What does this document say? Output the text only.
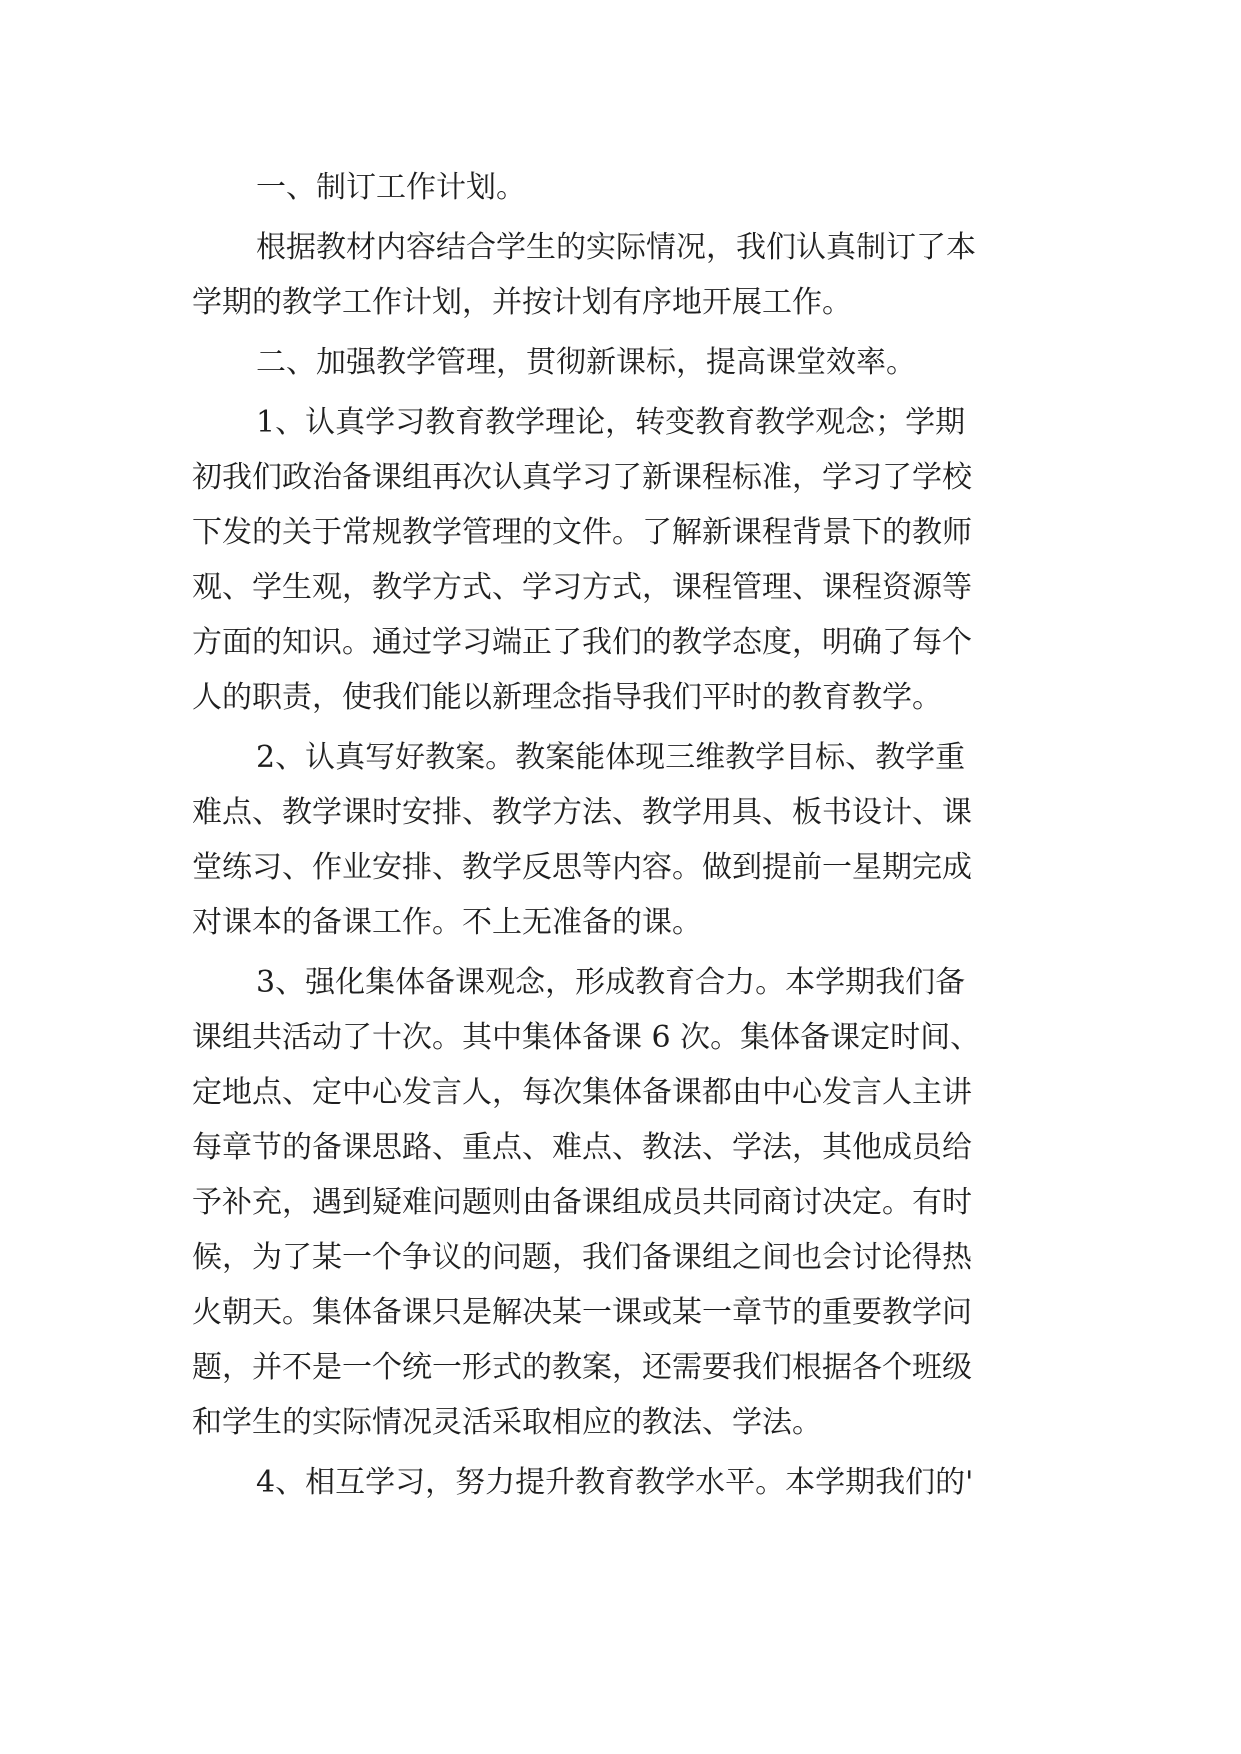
一、制订工作计划。
根据教材内容结合学生的实际情况，我们认真制订了本
学期的教学工作计划，并按计划有序地开展工作。
二、加强教学管理，贯彻新课标，提高课堂效率。
1、认真学习教育教学理论，转变教育教学观念；学期
初我们政治备课组再次认真学习了新课程标准，学习了学校
下发的关于常规教学管理的文件。了解新课程背景下的教师
观、学生观，教学方式、学习方式，课程管理、课程资源等
方面的知识。通过学习端正了我们的教学态度，明确了每个
人的职责，使我们能以新理念指导我们平时的教育教学。
2、认真写好教案。教案能体现三维教学目标、教学重
难点、教学课时安排、教学方法、教学用具、板书设计、课
堂练习、作业安排、教学反思等内容。做到提前一星期完成
对课本的备课工作。不上无准备的课。
3、强化集体备课观念，形成教育合力。本学期我们备
课组共活动了十次。其中集体备课 6 次。集体备课定时间、
定地点、定中心发言人，每次集体备课都由中心发言人主讲
每章节的备课思路、重点、难点、教法、学法，其他成员给
予补充，遇到疑难问题则由备课组成员共同商讨决定。有时
候，为了某一个争议的问题，我们备课组之间也会讨论得热
火朝天。集体备课只是解决某一课或某一章节的重要教学问
题，并不是一个统一形式的教案，还需要我们根据各个班级
和学生的实际情况灵活采取相应的教法、学法。
4、相互学习，努力提升教育教学水平。本学期我们的'
